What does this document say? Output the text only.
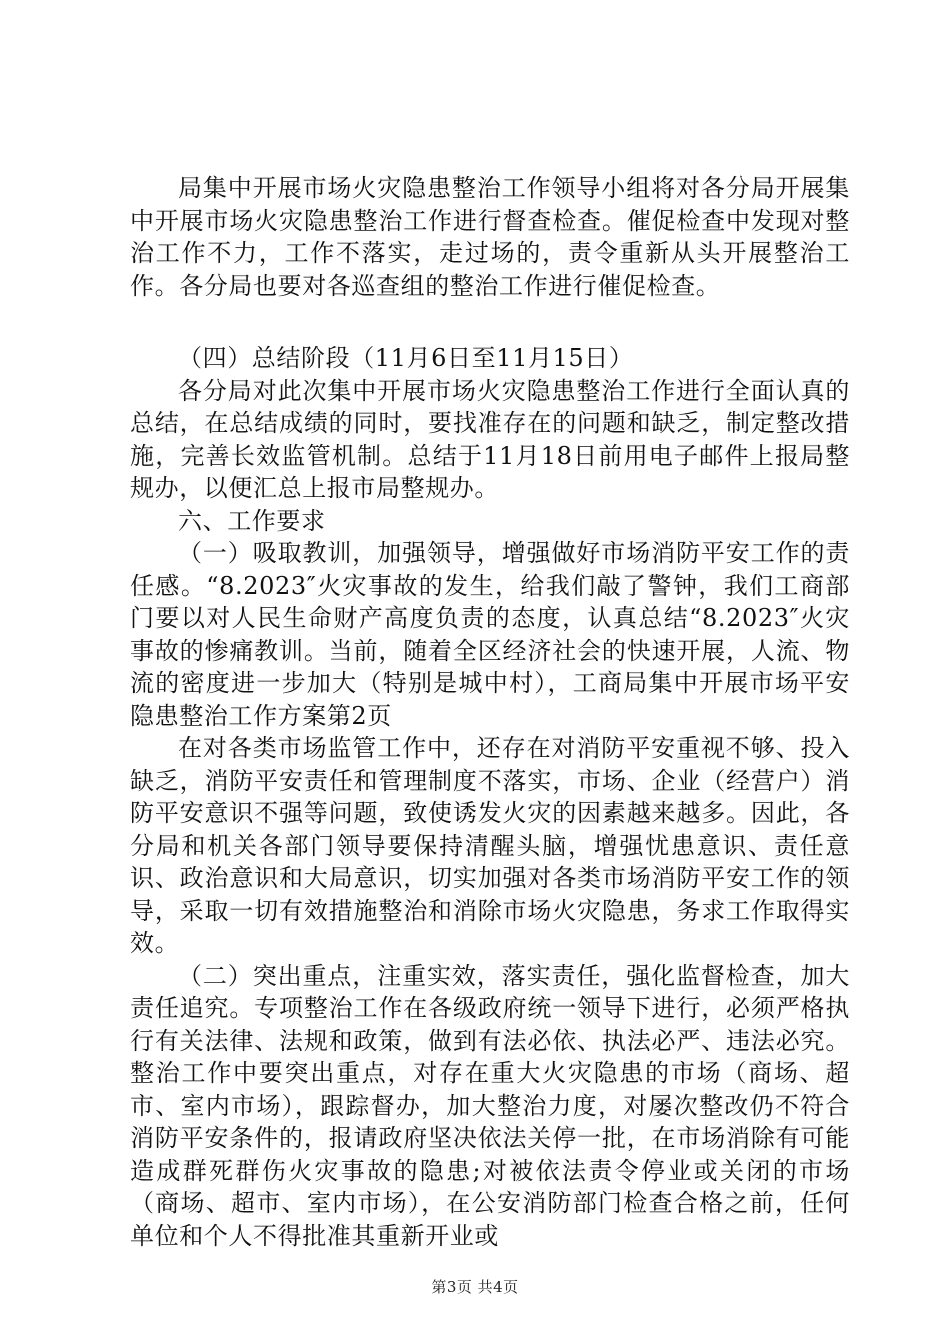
局集中开展市场火灾隐患整治工作领导小组将对各分局开展集中开展市场火灾隐患整治工作进行督查检查。催促检查中发现对整治工作不力，工作不落实，走过场的，责令重新从头开展整治工作。各分局也要对各巡查组的整治工作进行催促检查。

（四）总结阶段（11月6日至11月15日）

各分局对此次集中开展市场火灾隐患整治工作进行全面认真的总结，在总结成绩的同时，要找准存在的问题和缺乏，制定整改措施，完善长效监管机制。总结于11月18日前用电子邮件上报局整规办，以便汇总上报市局整规办。

六、工作要求

（一）吸取教训，加强领导，增强做好市场消防平安工作的责任感。“8.2023″火灾事故的发生，给我们敲了警钟，我们工商部门要以对人民生命财产高度负责的态度，认真总结“8.2023″火灾事故的惨痛教训。当前，随着全区经济社会的快速开展，人流、物流的密度进一步加大（特别是城中村），工商局集中开展市场平安隐患整治工作方案第2页

在对各类市场监管工作中，还存在对消防平安重视不够、投入缺乏，消防平安责任和管理制度不落实，市场、企业（经营户）消防平安意识不强等问题，致使诱发火灾的因素越来越多。因此，各分局和机关各部门领导要保持清醒头脑，增强忧患意识、责任意识、政治意识和大局意识，切实加强对各类市场消防平安工作的领导，采取一切有效措施整治和消除市场火灾隐患，务求工作取得实效。

（二）突出重点，注重实效，落实责任，强化监督检查，加大责任追究。专项整治工作在各级政府统一领导下进行，必须严格执行有关法律、法规和政策，做到有法必依、执法必严、违法必究。整治工作中要突出重点，对存在重大火灾隐患的市场（商场、超市、室内市场），跟踪督办，加大整治力度，对屡次整改仍不符合消防平安条件的，报请政府坚决依法关停一批，在市场消除有可能造成群死群伤火灾事故的隐患;对被依法责令停业或关闭的市场（商场、超市、室内市场），在公安消防部门检查合格之前，任何单位和个人不得批准其重新开业或

第3页 共4页
